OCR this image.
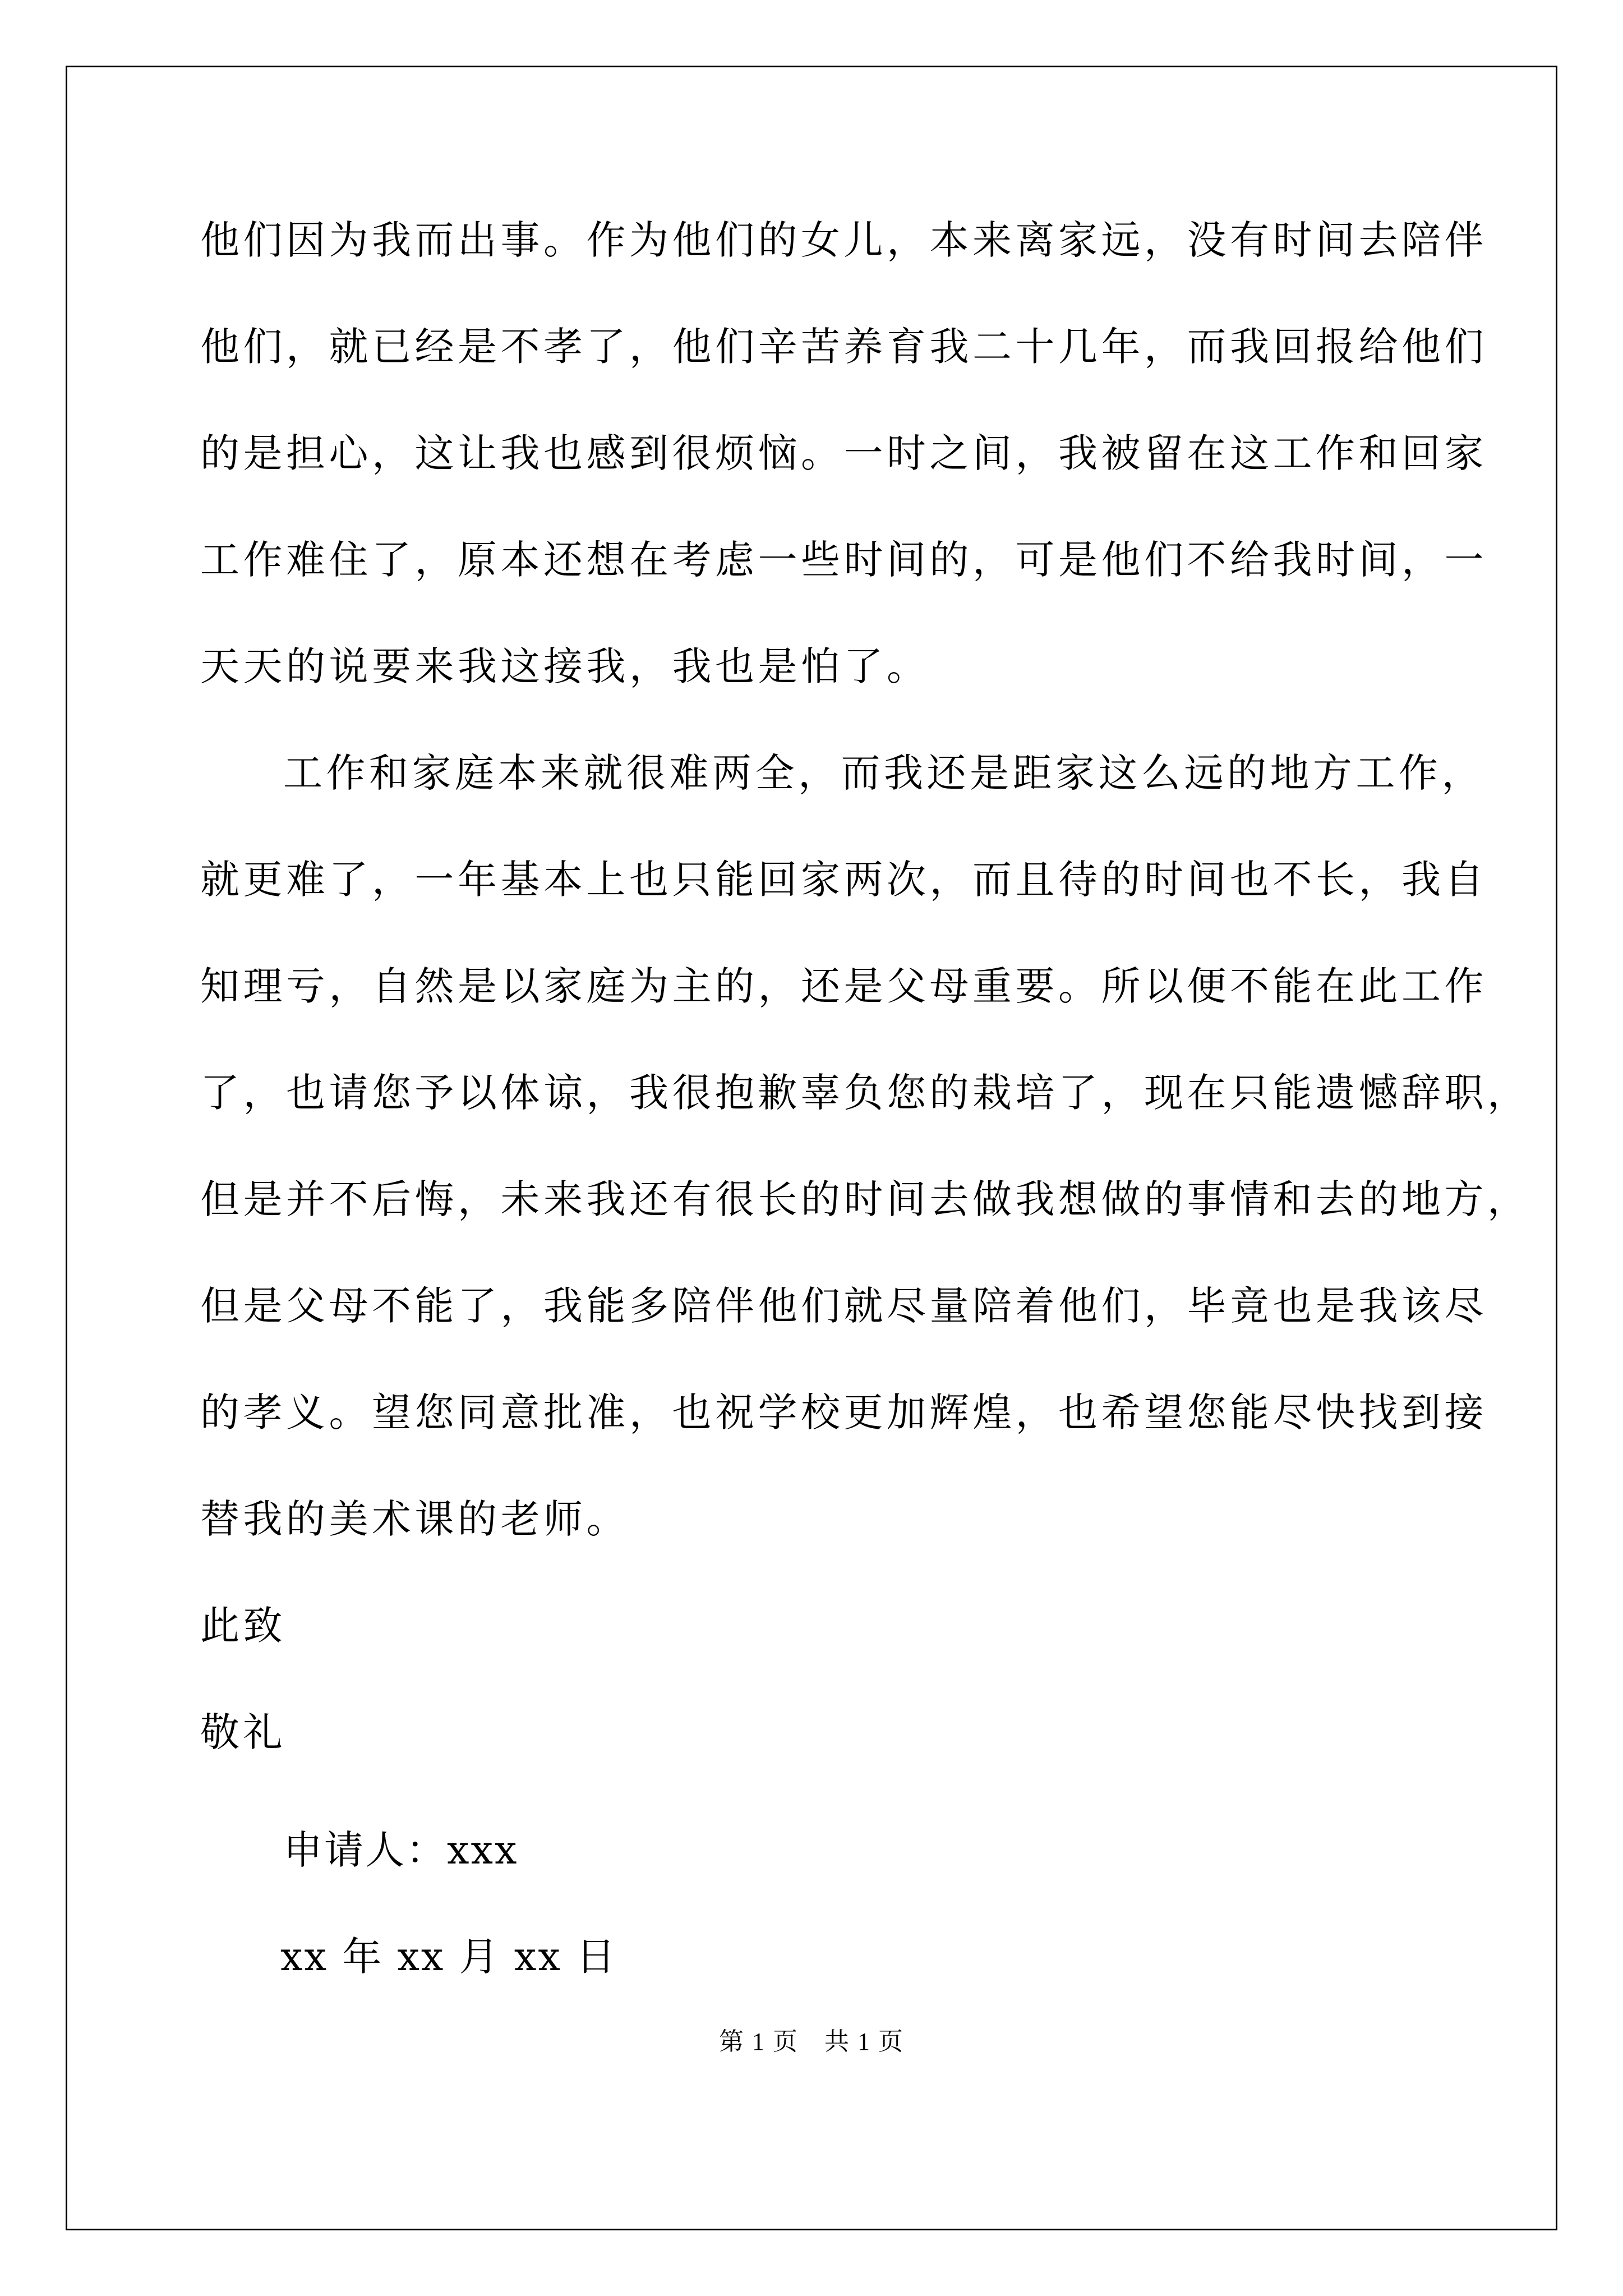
他们因为我而出事。作为他们的女儿，本来离家远，没有时间去陪伴
他们，就已经是不孝了，他们辛苦养育我二十几年，而我回报给他们
的是担心，这让我也感到很烦恼。一时之间，我被留在这工作和回家
工作难住了，原本还想在考虑一些时间的，可是他们不给我时间，一
天天的说要来我这接我，我也是怕了。
工作和家庭本来就很难两全，而我还是距家这么远的地方工作，
就更难了，一年基本上也只能回家两次，而且待的时间也不长，我自
知理亏，自然是以家庭为主的，还是父母重要。所以便不能在此工作
了，也请您予以体谅，我很抱歉辜负您的栽培了，现在只能遗憾辞职，
但是并不后悔，未来我还有很长的时间去做我想做的事情和去的地方，
但是父母不能了，我能多陪伴他们就尽量陪着他们，毕竟也是我该尽
的孝义。望您同意批准，也祝学校更加辉煌，也希望您能尽快找到接
替我的美术课的老师。
此致
敬礼
申请人：xxx
xx 年 xx 月 xx 日
第 1 页　共 1 页
